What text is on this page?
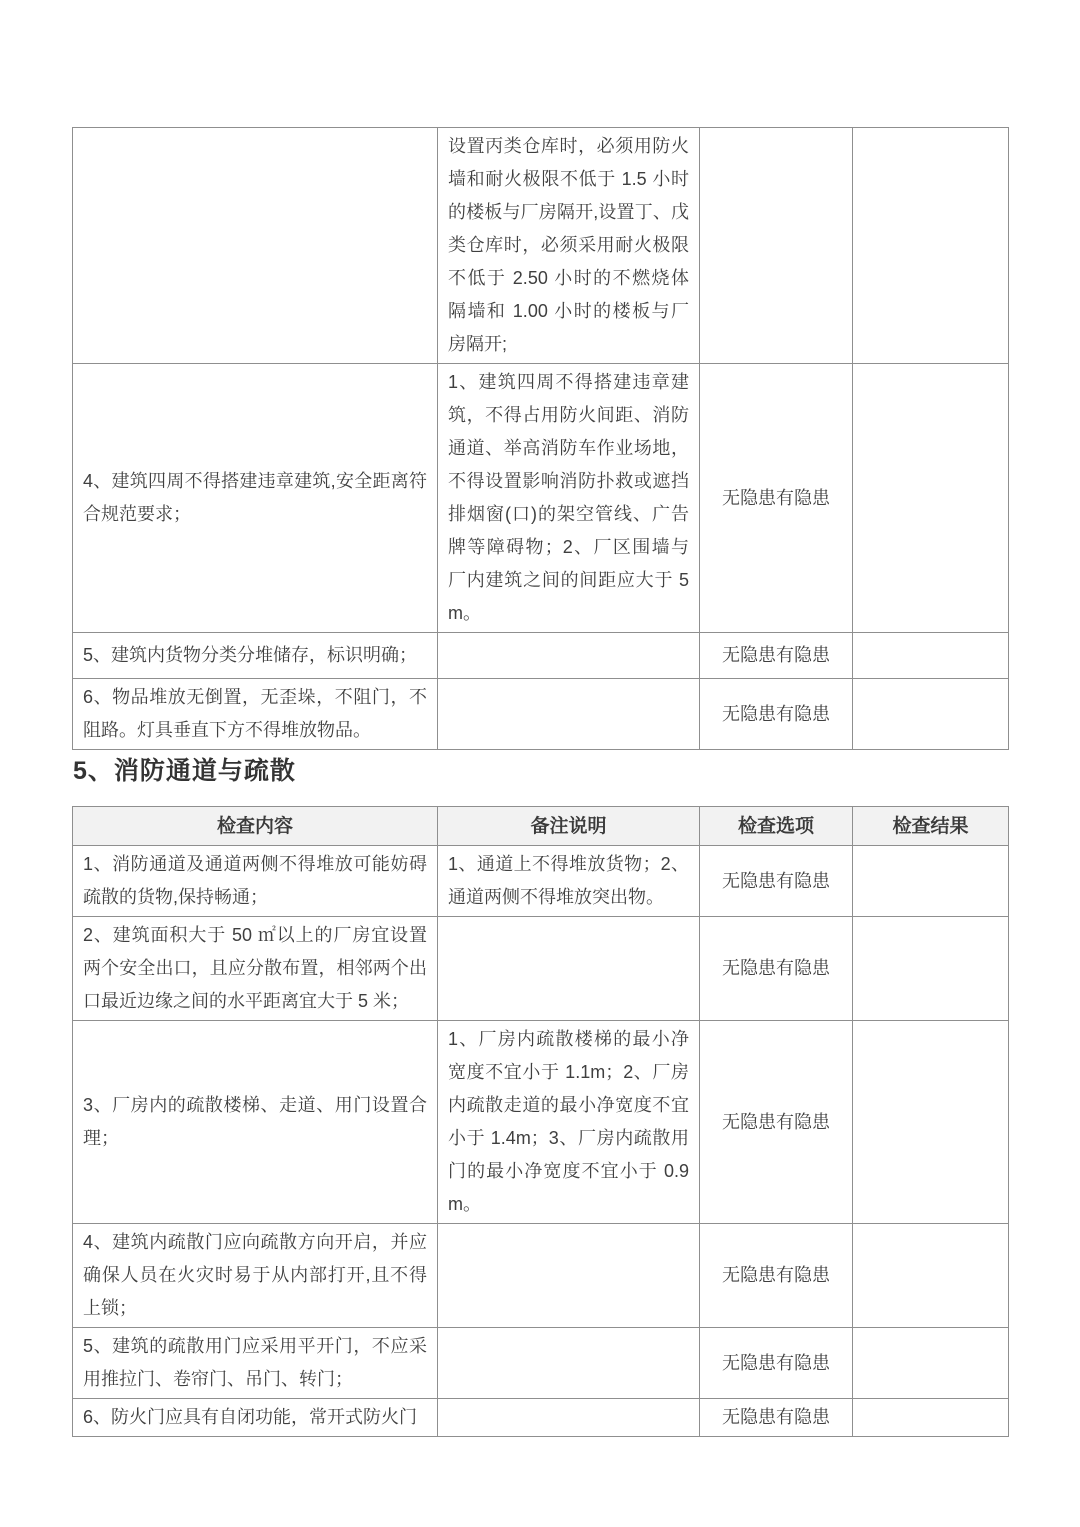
	设置丙类仓库时，必须用防火墙和耐火极限不低于 1.5 小时的楼板与厂房隔开,设置丁、戊类仓库时，必须采用耐火极限不低于 2.50 小时的不燃烧体隔墙和 1.00 小时的楼板与厂房隔开;		
4、建筑四周不得搭建违章建筑,安全距离符合规范要求；	1、建筑四周不得搭建违章建筑，不得占用防火间距、消防通道、举高消防车作业场地，不得设置影响消防扑救或遮挡排烟窗(口)的架空管线、广告牌等障碍物；2、厂区围墙与厂内建筑之间的间距应大于 5m。	无隐患有隐患	
5、建筑内货物分类分堆储存，标识明确；		无隐患有隐患	
6、物品堆放无倒置，无歪垛，不阻门，不阻路。灯具垂直下方不得堆放物品。		无隐患有隐患	
5、消防通道与疏散
检查内容	备注说明	检查选项	检查结果
1、消防通道及通道两侧不得堆放可能妨碍疏散的货物,保持畅通；	1、通道上不得堆放货物；2、通道两侧不得堆放突出物。	无隐患有隐患	
2、建筑面积大于 50 ㎡以上的厂房宜设置两个安全出口，且应分散布置，相邻两个出口最近边缘之间的水平距离宜大于 5 米；		无隐患有隐患	
3、厂房内的疏散楼梯、走道、用门设置合理；	1、厂房内疏散楼梯的最小净宽度不宜小于 1.1m；2、厂房内疏散走道的最小净宽度不宜小于 1.4m；3、厂房内疏散用门的最小净宽度不宜小于 0.9m。	无隐患有隐患	
4、建筑内疏散门应向疏散方向开启，并应确保人员在火灾时易于从内部打开,且不得上锁；		无隐患有隐患	
5、建筑的疏散用门应采用平开门，不应采用推拉门、卷帘门、吊门、转门；		无隐患有隐患	
6、防火门应具有自闭功能，常开式防火门		无隐患有隐患	
